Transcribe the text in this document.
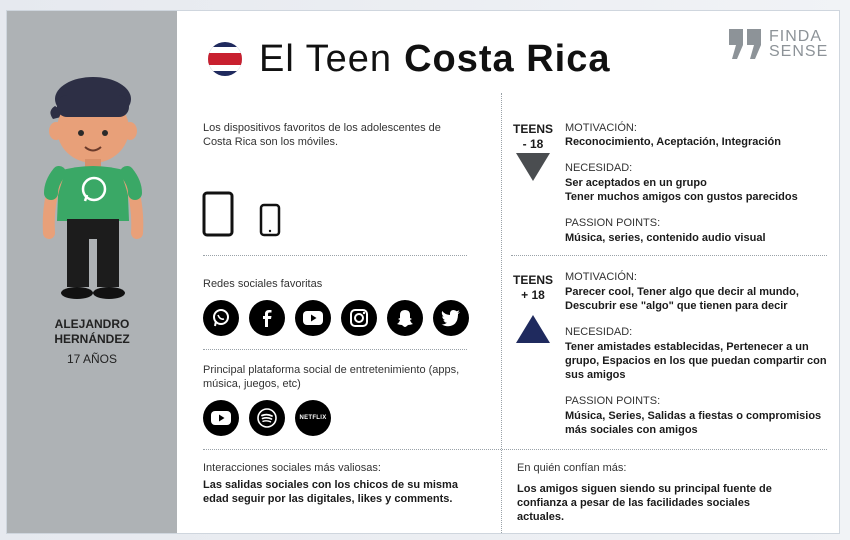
ALEJANDRO
HERNÁNDEZ
17 AÑOS
El Teen Costa Rica
FINDA
SENSE
Los dispositivos favoritos de los adolescentes de
Costa Rica son los móviles.
Redes sociales favoritas
Principal plataforma social de entretenimiento (apps,
música, juegos, etc)
NETFLIX
TEENS
- 18
MOTIVACIÓN:
Reconocimiento, Aceptación, Integración
NECESIDAD:
Ser aceptados en un grupo
Tener muchos amigos con gustos parecidos
PASSION POINTS:
Música, series, contenido audio visual
TEENS
+ 18
MOTIVACIÓN:
Parecer cool, Tener algo que decir al mundo,
Descubrir ese "algo" que tienen para decir
NECESIDAD:
Tener amistades establecidas, Pertenecer a un
grupo, Espacios en los que puedan compartir con
sus amigos
PASSION POINTS:
Música, Series, Salidas a fiestas o compromisios
más sociales con amigos
Interacciones sociales más valiosas:
Las salidas sociales con los chicos de su misma
edad seguir por las digitales, likes y comments.
En quién confían más:
Los amigos siguen siendo su principal fuente de
confianza a pesar de las facilidades sociales
actuales.
